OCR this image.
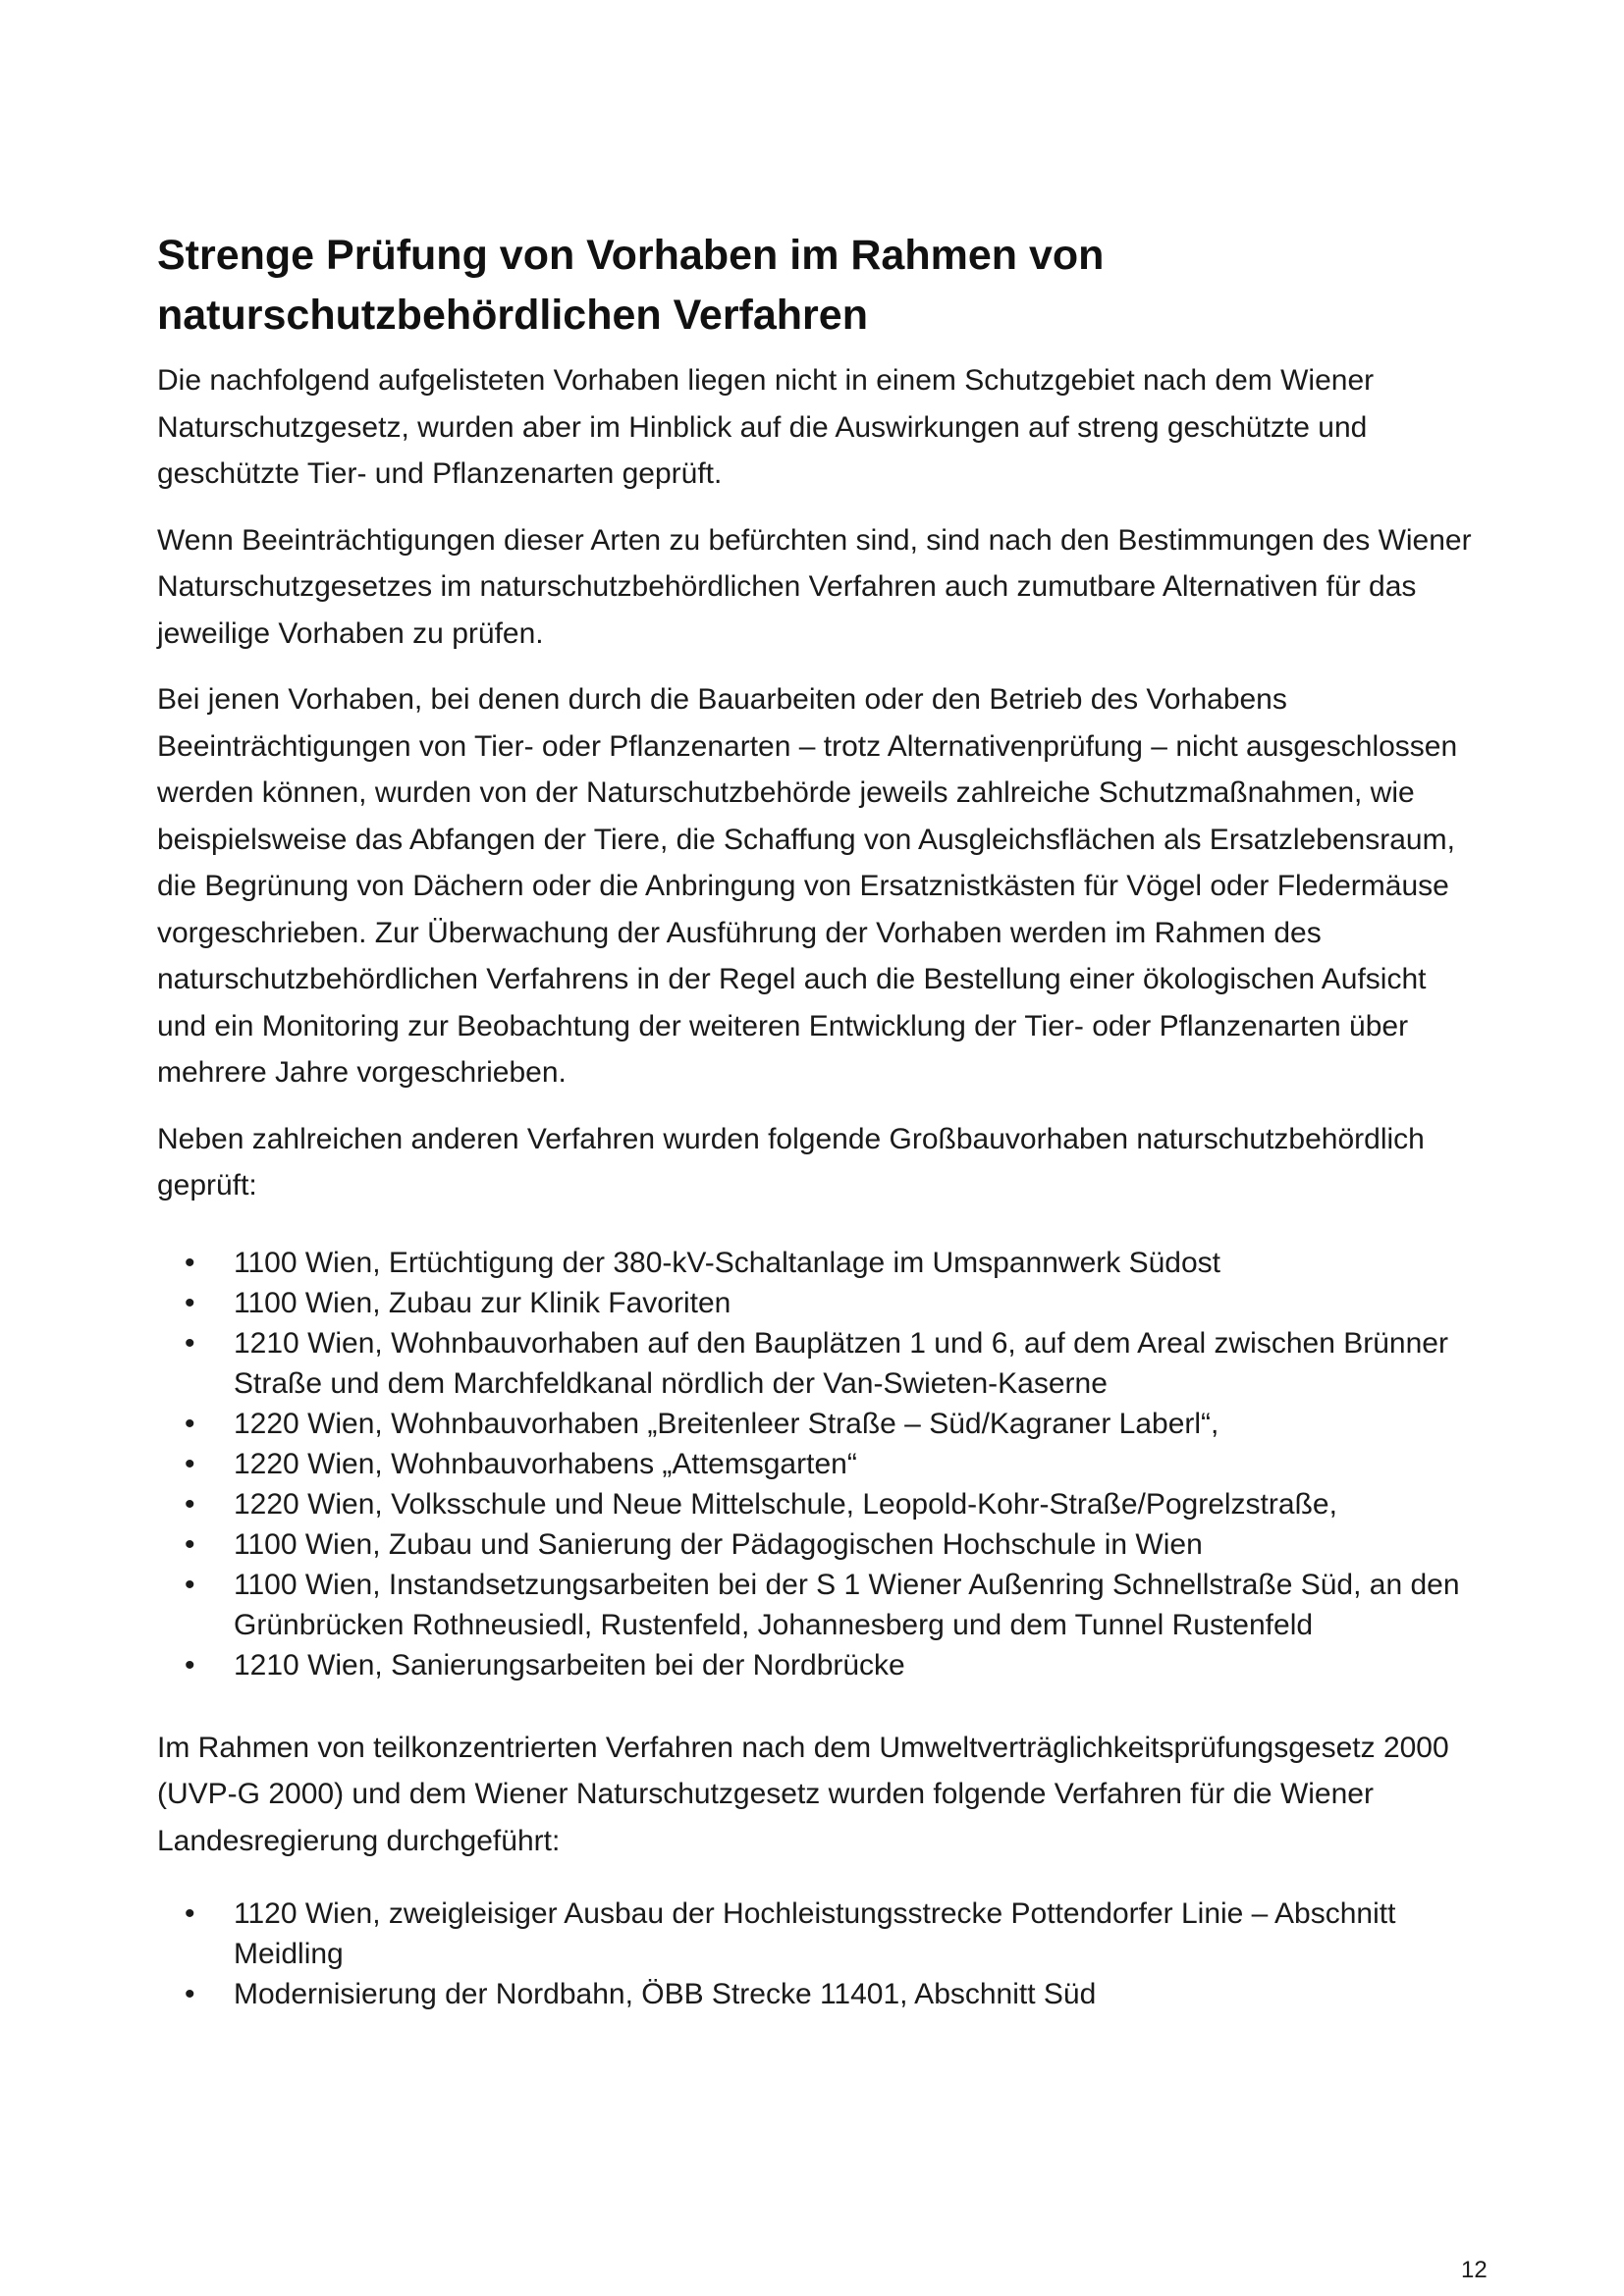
Strenge Prüfung von Vorhaben im Rahmen von naturschutzbehördlichen Verfahren

Die nachfolgend aufgelisteten Vorhaben liegen nicht in einem Schutzgebiet nach dem Wiener Naturschutzgesetz, wurden aber im Hinblick auf die Auswirkungen auf streng geschützte und geschützte Tier- und Pflanzenarten geprüft.

Wenn Beeinträchtigungen dieser Arten zu befürchten sind, sind nach den Bestimmungen des Wiener Naturschutzgesetzes im naturschutzbehördlichen Verfahren auch zumutbare Alternativen für das jeweilige Vorhaben zu prüfen.

Bei jenen Vorhaben, bei denen durch die Bauarbeiten oder den Betrieb des Vorhabens Beeinträchtigungen von Tier- oder Pflanzenarten – trotz Alternativenprüfung – nicht ausgeschlossen werden können, wurden von der Naturschutzbehörde jeweils zahlreiche Schutzmaßnahmen, wie beispielsweise das Abfangen der Tiere, die Schaffung von Ausgleichsflächen als Ersatzlebensraum, die Begrünung von Dächern oder die Anbringung von Ersatznistkästen für Vögel oder Fledermäuse vorgeschrieben. Zur Überwachung der Ausführung der Vorhaben werden im Rahmen des naturschutzbehördlichen Verfahrens in der Regel auch die Bestellung einer ökologischen Aufsicht und ein Monitoring zur Beobachtung der weiteren Entwicklung der Tier- oder Pflanzenarten über mehrere Jahre vorgeschrieben.

Neben zahlreichen anderen Verfahren wurden folgende Großbauvorhaben naturschutzbehördlich geprüft:

• 1100 Wien, Ertüchtigung der 380-kV-Schaltanlage im Umspannwerk Südost
• 1100 Wien, Zubau zur Klinik Favoriten
• 1210 Wien, Wohnbauvorhaben auf den Bauplätzen 1 und 6, auf dem Areal zwischen Brünner Straße und dem Marchfeldkanal nördlich der Van-Swieten-Kaserne
• 1220 Wien, Wohnbauvorhaben „Breitenleer Straße – Süd/Kagraner Laberl“,
• 1220 Wien, Wohnbauvorhabens „Attemsgarten“
• 1220 Wien, Volksschule und Neue Mittelschule, Leopold-Kohr-Straße/Pogrelzstraße,
• 1100 Wien, Zubau und Sanierung der Pädagogischen Hochschule in Wien
• 1100 Wien, Instandsetzungsarbeiten bei der S 1 Wiener Außenring Schnellstraße Süd, an den Grünbrücken Rothneusiedl, Rustenfeld, Johannesberg und dem Tunnel Rustenfeld
• 1210 Wien, Sanierungsarbeiten bei der Nordbrücke

Im Rahmen von teilkonzentrierten Verfahren nach dem Umweltverträglichkeitsprüfungsgesetz 2000 (UVP-G 2000) und dem Wiener Naturschutzgesetz wurden folgende Verfahren für die Wiener Landesregierung durchgeführt:

• 1120 Wien, zweigleisiger Ausbau der Hochleistungsstrecke Pottendorfer Linie – Abschnitt Meidling
• Modernisierung der Nordbahn, ÖBB Strecke 11401, Abschnitt Süd
12
